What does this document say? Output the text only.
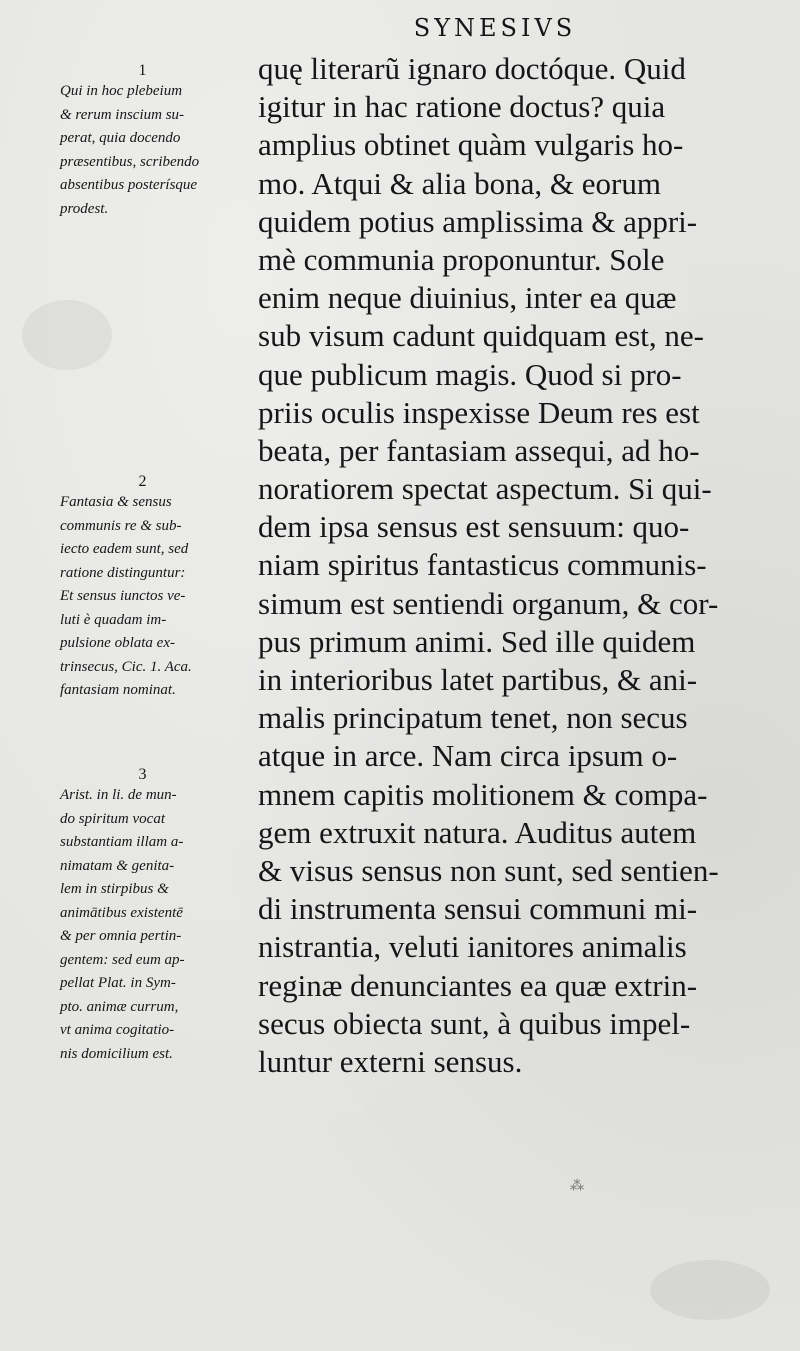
SYNESIVS
1
Qui in hoc plebeium
& rerum inscium su-
perat, quia docendo
præsentibus, scribendo
absentibus posterísque
prodest.
2
Fantasia & sensus
communis re & sub-
iecto eadem sunt, sed
ratione distinguntur:
Et sensus iunctos ve-
luti è quadam im-
pulsione oblata ex-
trinsecus, Cic. 1. Aca.
fantasiam nominat.
3
Arist. in li. de mun-
do spiritum vocat
substantiam illam a-
nimatam & genita-
lem in stirpibus &
animātibus existentē
& per omnia pertin-
gentem: sed eum ap-
pellat Plat. in Sym-
pto. animæ currum,
vt anima cogitatio-
nis domicilium est.
quę literarũ ignaro doctóque. Quid
igitur in hac ratione doctus? quia
amplius obtinet quàm vulgaris ho-
mo. Atqui & alia bona, & eorum
quidem potius amplissima & appri-
mè communia proponuntur. Sole
enim neque diuinius, inter ea quæ
sub visum cadunt quidquam est, ne-
que publicum magis. Quod si pro-
priis oculis inspexisse Deum res est
beata, per fantasiam assequi, ad ho-
noratiorem spectat aspectum. Si qui-
dem ipsa sensus est sensuum: quo-
niam spiritus fantasticus communis-
simum est sentiendi organum, & cor-
pus primum animi. Sed ille quidem
in interioribus latet partibus, & ani-
malis principatum tenet, non secus
atque in arce. Nam circa ipsum o-
mnem capitis molitionem & compa-
gem extruxit natura. Auditus autem
& visus sensus non sunt, sed sentien-
di instrumenta sensui communi mi-
nistrantia, veluti ianitores animalis
reginæ denunciantes ea quæ extrin-
secus obiecta sunt, à quibus impel-
luntur externi sensus.
⁂
